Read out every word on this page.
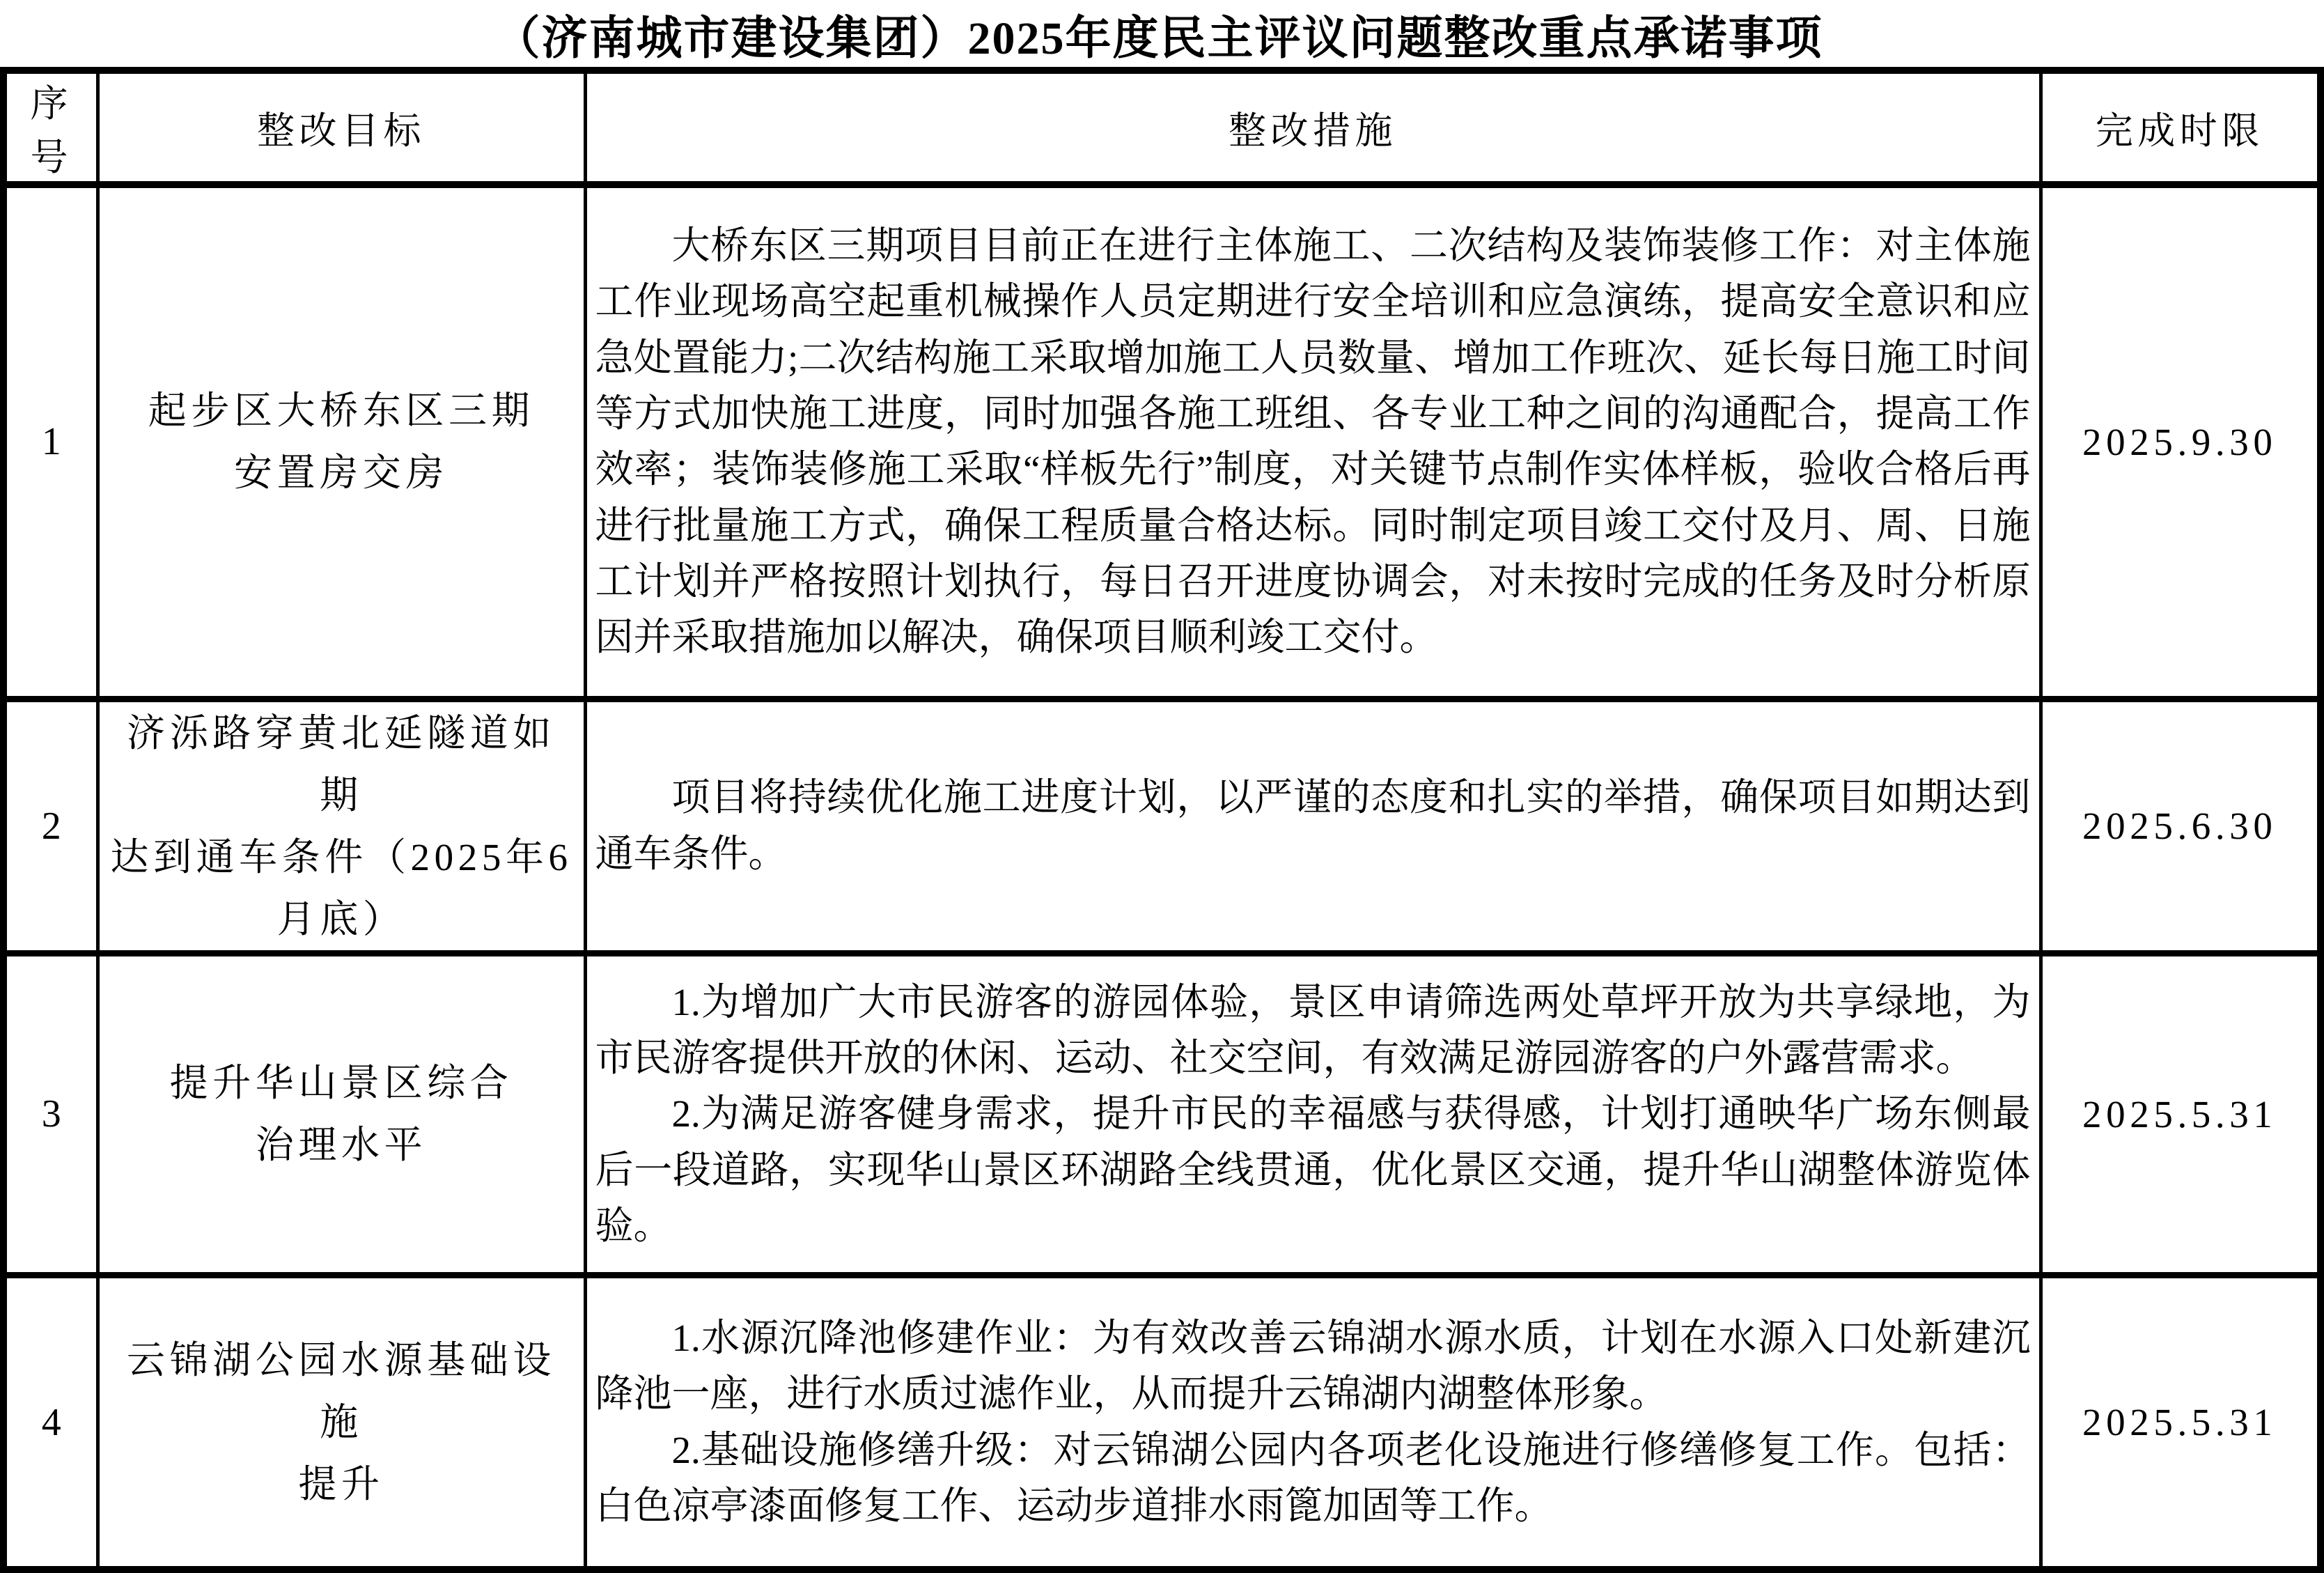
（济南城市建设集团）2025年度民主评议问题整改重点承诺事项
序号	整改目标	整改措施	完成时限
1	起步区大桥东区三期
安置房交房	大桥东区三期项目目前正在进行主体施工、二次结构及装饰装修工作：对主体施工作业现场高空起重机械操作人员定期进行安全培训和应急演练，提高安全意识和应急处置能力;二次结构施工采取增加施工人员数量、增加工作班次、延长每日施工时间等方式加快施工进度，同时加强各施工班组、各专业工种之间的沟通配合，提高工作效率；装饰装修施工采取“样板先行”制度，对关键节点制作实体样板，验收合格后再进行批量施工方式，确保工程质量合格达标。同时制定项目竣工交付及月、周、日施工计划并严格按照计划执行，每日召开进度协调会，对未按时完成的任务及时分析原因并采取措施加以解决，确保项目顺利竣工交付。	2025.9.30
2	济泺路穿黄北延隧道如期
达到通车条件（2025年6
月底）	项目将持续优化施工进度计划，以严谨的态度和扎实的举措，确保项目如期达到通车条件。	2025.6.30
3	
提升华山景区综合
治理水平

1.为增加广大市民游客的游园体验，景区申请筛选两处草坪开放为共享绿地，为市民游客提供开放的休闲、运动、社交空间，有效满足游园游客的户外露营需求。

2.为满足游客健身需求，提升市民的幸福感与获得感，计划打通映华广场东侧最后一段道路，实现华山景区环湖路全线贯通，优化景区交通，提升华山湖整体游览体验。

	2025.5.31
4	
云锦湖公园水源基础设施
提升

1.水源沉降池修建作业：为有效改善云锦湖水源水质，计划在水源入口处新建沉降池一座，进行水质过滤作业，从而提升云锦湖内湖整体形象。

2.基础设施修缮升级：对云锦湖公园内各项老化设施进行修缮修复工作。包括：白色凉亭漆面修复工作、运动步道排水雨篦加固等工作。

	2025.5.31
